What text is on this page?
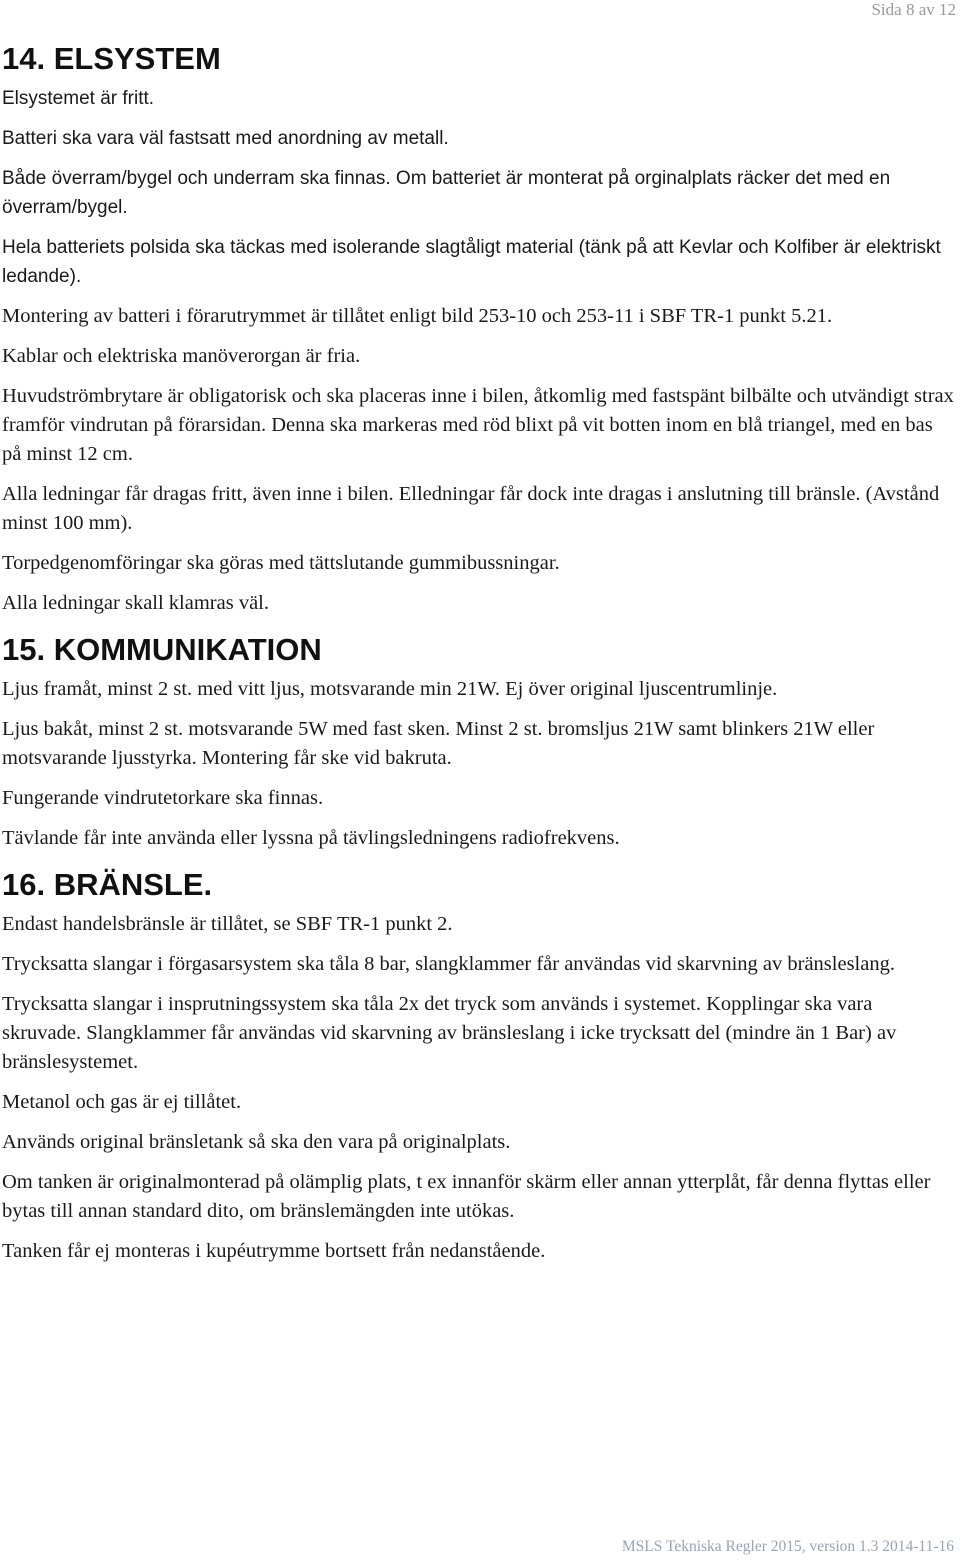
Sida 8 av 12
14. ELSYSTEM

Elsystemet är fritt.

Batteri ska vara väl fastsatt med anordning av metall.

Både överram/bygel och underram ska finnas. Om batteriet är monterat på orginalplats räcker det med en överram/bygel.

Hela batteriets polsida ska täckas med isolerande slagtåligt material (tänk på att Kevlar och Kolfiber är elektriskt ledande).

Montering av batteri i förarutrymmet är tillåtet enligt bild 253-10 och 253-11 i SBF TR-1 punkt 5.21.

Kablar och elektriska manöverorgan är fria.

Huvudströmbrytare är obligatorisk och ska placeras inne i bilen, åtkomlig med fastspänt bilbälte och utvändigt strax framför vindrutan på förarsidan. Denna ska markeras med röd blixt på vit botten inom en blå triangel, med en bas på minst 12 cm.

Alla ledningar får dragas fritt, även inne i bilen. Elledningar får dock inte dragas i anslutning till bränsle. (Avstånd minst 100 mm).

Torpedgenomföringar ska göras med tättslutande gummibussningar.

Alla ledningar skall klamras väl.

15. KOMMUNIKATION

Ljus framåt, minst 2 st. med vitt ljus, motsvarande min 21W. Ej över original ljuscentrumlinje.

Ljus bakåt, minst 2 st. motsvarande 5W med fast sken. Minst 2 st. bromsljus 21W samt blinkers 21W eller motsvarande ljusstyrka. Montering får ske vid bakruta.

Fungerande vindrutetorkare ska finnas.

Tävlande får inte använda eller lyssna på tävlingsledningens radiofrekvens.

16. BRÄNSLE.

Endast handelsbränsle är tillåtet, se SBF TR-1 punkt 2.

Trycksatta slangar i förgasarsystem ska tåla 8 bar, slangklammer får användas vid skarvning av bränsleslang.

Trycksatta slangar i insprutningssystem ska tåla 2x det tryck som används i systemet. Kopplingar ska vara skruvade. Slangklammer får användas vid skarvning av bränsleslang i icke trycksatt del (mindre än 1 Bar) av bränslesystemet.

Metanol och gas är ej tillåtet.

Används original bränsletank så ska den vara på originalplats.

Om tanken är originalmonterad på olämplig plats, t ex innanför skärm eller annan ytterplåt, får denna flyttas eller bytas till annan standard dito, om bränslemängden inte utökas.

Tanken får ej monteras i kupéutrymme bortsett från nedanstående.

MSLS Tekniska Regler 2015, version 1.3 2014-11-16
